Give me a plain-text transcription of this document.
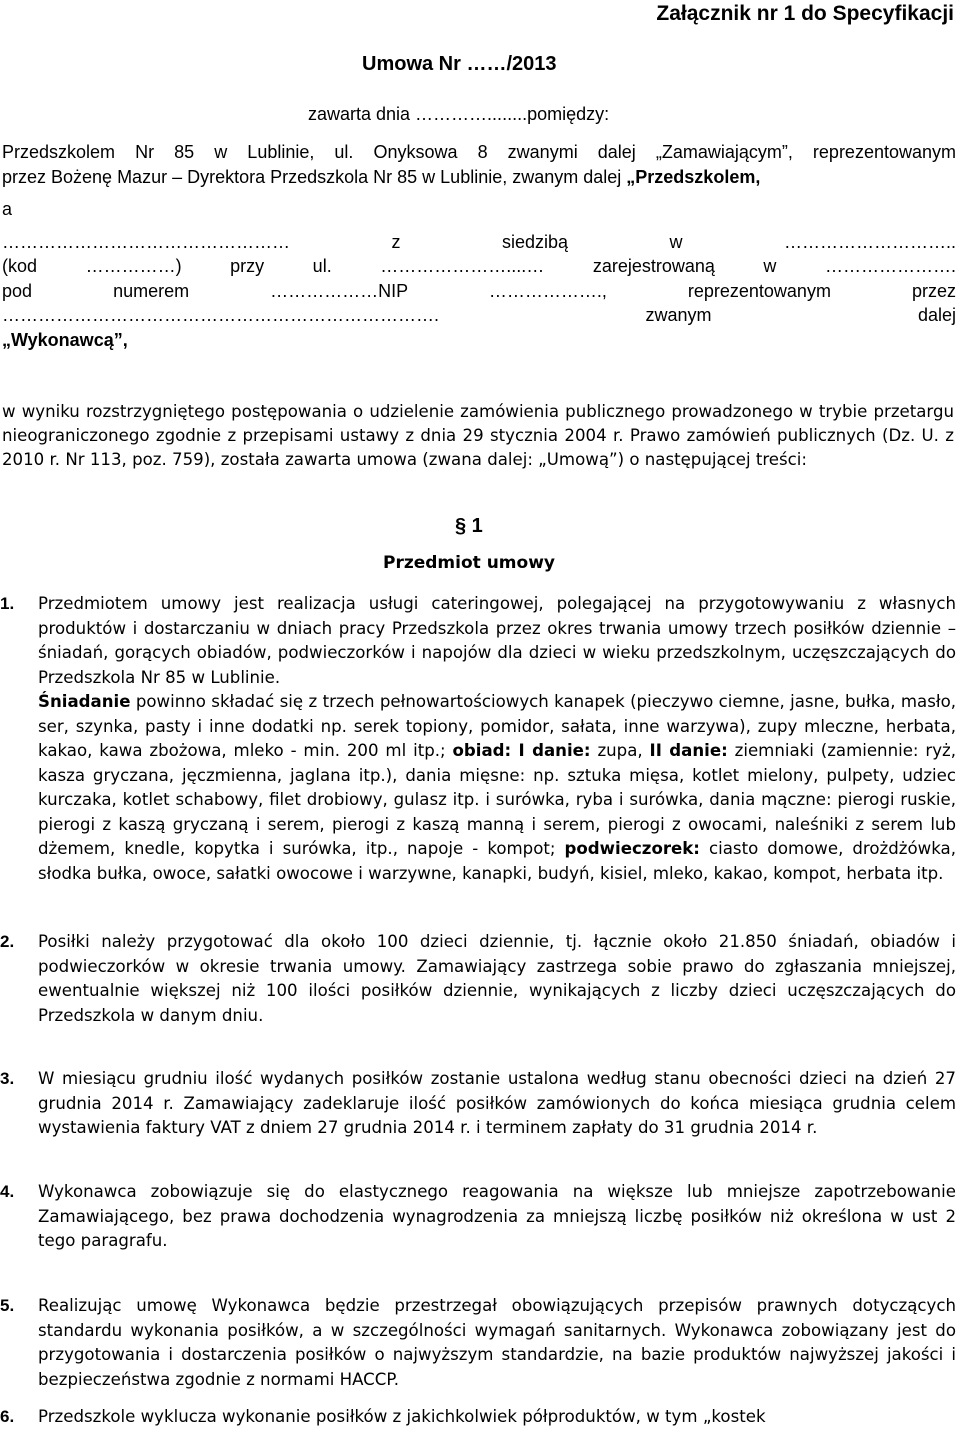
Załącznik nr 1 do Specyfikacji
Umowa Nr ……/2013
zawarta dnia …………........pomiędzy:
Przedszkolem Nr 85 w Lublinie, ul. Onyksowa 8 zwanymi dalej „Zamawiającym”, reprezentowanym
przez Bożenę Mazur – Dyrektora Przedszkola Nr 85 w Lublinie, zwanym dalej „Przedszkolem,
a
………………………………………… z siedzibą w ………………………..
(kod ……………) przy ul. …………………....… zarejestrowaną w ………………….
pod numerem ………………NIP ………………., reprezentowanym przez
………………………………………………………………. zwanym dalej
„Wykonawcą”,
w wyniku rozstrzygniętego postępowania o udzielenie zamówienia publicznego prowadzonego w trybie przetargu nieograniczonego zgodnie z przepisami ustawy z dnia 29 stycznia 2004 r. Prawo zamówień publicznych (Dz. U. z 2010 r. Nr 113, poz. 759), została zawarta umowa (zwana dalej: „Umową”) o następującej treści:
§ 1
Przedmiot umowy
1. Przedmiotem umowy jest realizacja usługi cateringowej, polegającej na przygotowywaniu z własnych produktów i dostarczaniu w dniach pracy Przedszkola przez okres trwania umowy trzech posiłków dziennie – śniadań, gorących obiadów, podwieczorków i napojów dla dzieci w wieku przedszkolnym, uczęszczających do Przedszkola Nr 85 w Lublinie.
Śniadanie powinno składać się z trzech pełnowartościowych kanapek (pieczywo ciemne, jasne, bułka, masło, ser, szynka, pasty i inne dodatki np. serek topiony, pomidor, sałata, inne warzywa), zupy mleczne, herbata, kakao, kawa zbożowa, mleko - min. 200 ml itp.; obiad: I danie: zupa, II danie: ziemniaki (zamiennie: ryż, kasza gryczana, jęczmienna, jaglana itp.), dania mięsne: np. sztuka mięsa, kotlet mielony, pulpety, udziec kurczaka, kotlet schabowy, filet drobiowy, gulasz itp. i surówka, ryba i surówka, dania mączne: pierogi ruskie, pierogi z kaszą gryczaną i serem, pierogi z kaszą manną i serem, pierogi z owocami, naleśniki z serem lub dżemem, knedle, kopytka i surówka, itp., napoje - kompot; podwieczorek: ciasto domowe, drożdżówka, słodka bułka, owoce, sałatki owocowe i warzywne, kanapki, budyń, kisiel, mleko, kakao, kompot, herbata itp.
2. Posiłki należy przygotować dla około 100 dzieci dziennie, tj. łącznie około 21.850 śniadań, obiadów i podwieczorków w okresie trwania umowy. Zamawiający zastrzega sobie prawo do zgłaszania mniejszej, ewentualnie większej niż 100 ilości posiłków dziennie, wynikających z liczby dzieci uczęszczających do Przedszkola w danym dniu.
3. W miesiącu grudniu ilość wydanych posiłków zostanie ustalona według stanu obecności dzieci na dzień 27 grudnia 2014 r. Zamawiający zadeklaruje ilość posiłków zamówionych do końca miesiąca grudnia celem wystawienia faktury VAT z dniem 27 grudnia 2014 r. i terminem zapłaty do 31 grudnia 2014 r.
4. Wykonawca zobowiązuje się do elastycznego reagowania na większe lub mniejsze zapotrzebowanie Zamawiającego, bez prawa dochodzenia wynagrodzenia za mniejszą liczbę posiłków niż określona w ust 2 tego paragrafu.
5. Realizując umowę Wykonawca będzie przestrzegał obowiązujących przepisów prawnych dotyczących standardu wykonania posiłków, a w szczególności wymagań sanitarnych. Wykonawca zobowiązany jest do przygotowania i dostarczenia posiłków o najwyższym standardzie, na bazie produktów najwyższej jakości i bezpieczeństwa zgodnie z normami HACCP.
6. Przedszkole wyklucza wykonanie posiłków z jakichkolwiek półproduktów, w tym „kostek
